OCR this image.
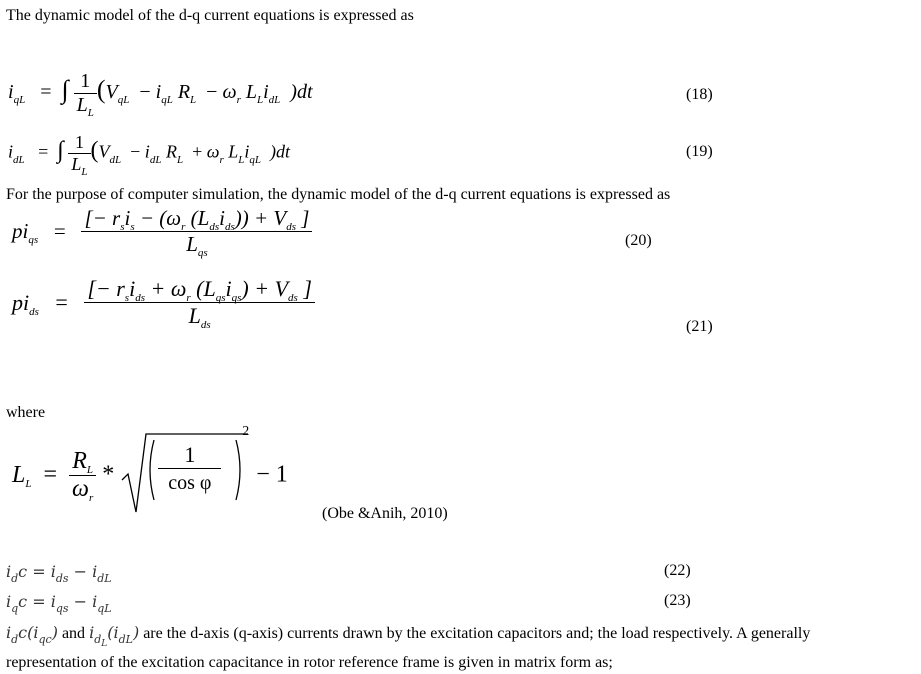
The dynamic model of the d-q current equations is expressed as
$i_{qL}$ = ∫ $\frac{1}{L_L} (V_{qL} - i_{qL}$ $R_L - \omega_r$ $L_Li_{dL}$ )dt	(18)
$i_{dL}$ = ∫ $\frac{1}{L_L} (V_{dL} - i_{dL}$ $R_L + \omega_r$ $L_Li_{qL}$ )dt	(19)
For the purpose of computer simulation, the dynamic model of the d-q current equations is expressed as
$pi_{qs} = \frac{[- r_si_s - (\omega_r (L_{ds}i_{ds})) + V_{ds} ]}{L_{qs}}$	(20)
$pi_{ds} = \frac{[- r_si_{ds} + \omega_r (L_{qs}i_{qs}) + V_{ds} ]}{L_{ds}}$	(21)
where
$L_L = \frac{R_L}{\omega_r} * \frac{1}{\text{cos φ}}$
2
− 1
(Obe &Anih, 2010)
$i_dc = i_{ds} - i_{dL}$	(22)
$i_qc = i_{qs} - i_{qL}$	(23)
$i_dc(i_{qc})$ and $i_{dL}(i_{dL})$ are the d-axis (q-axis) currents drawn by the excitation capacitors and; the load respectively. A generally
representation of the excitation capacitance in rotor reference frame is given in matrix form as;
